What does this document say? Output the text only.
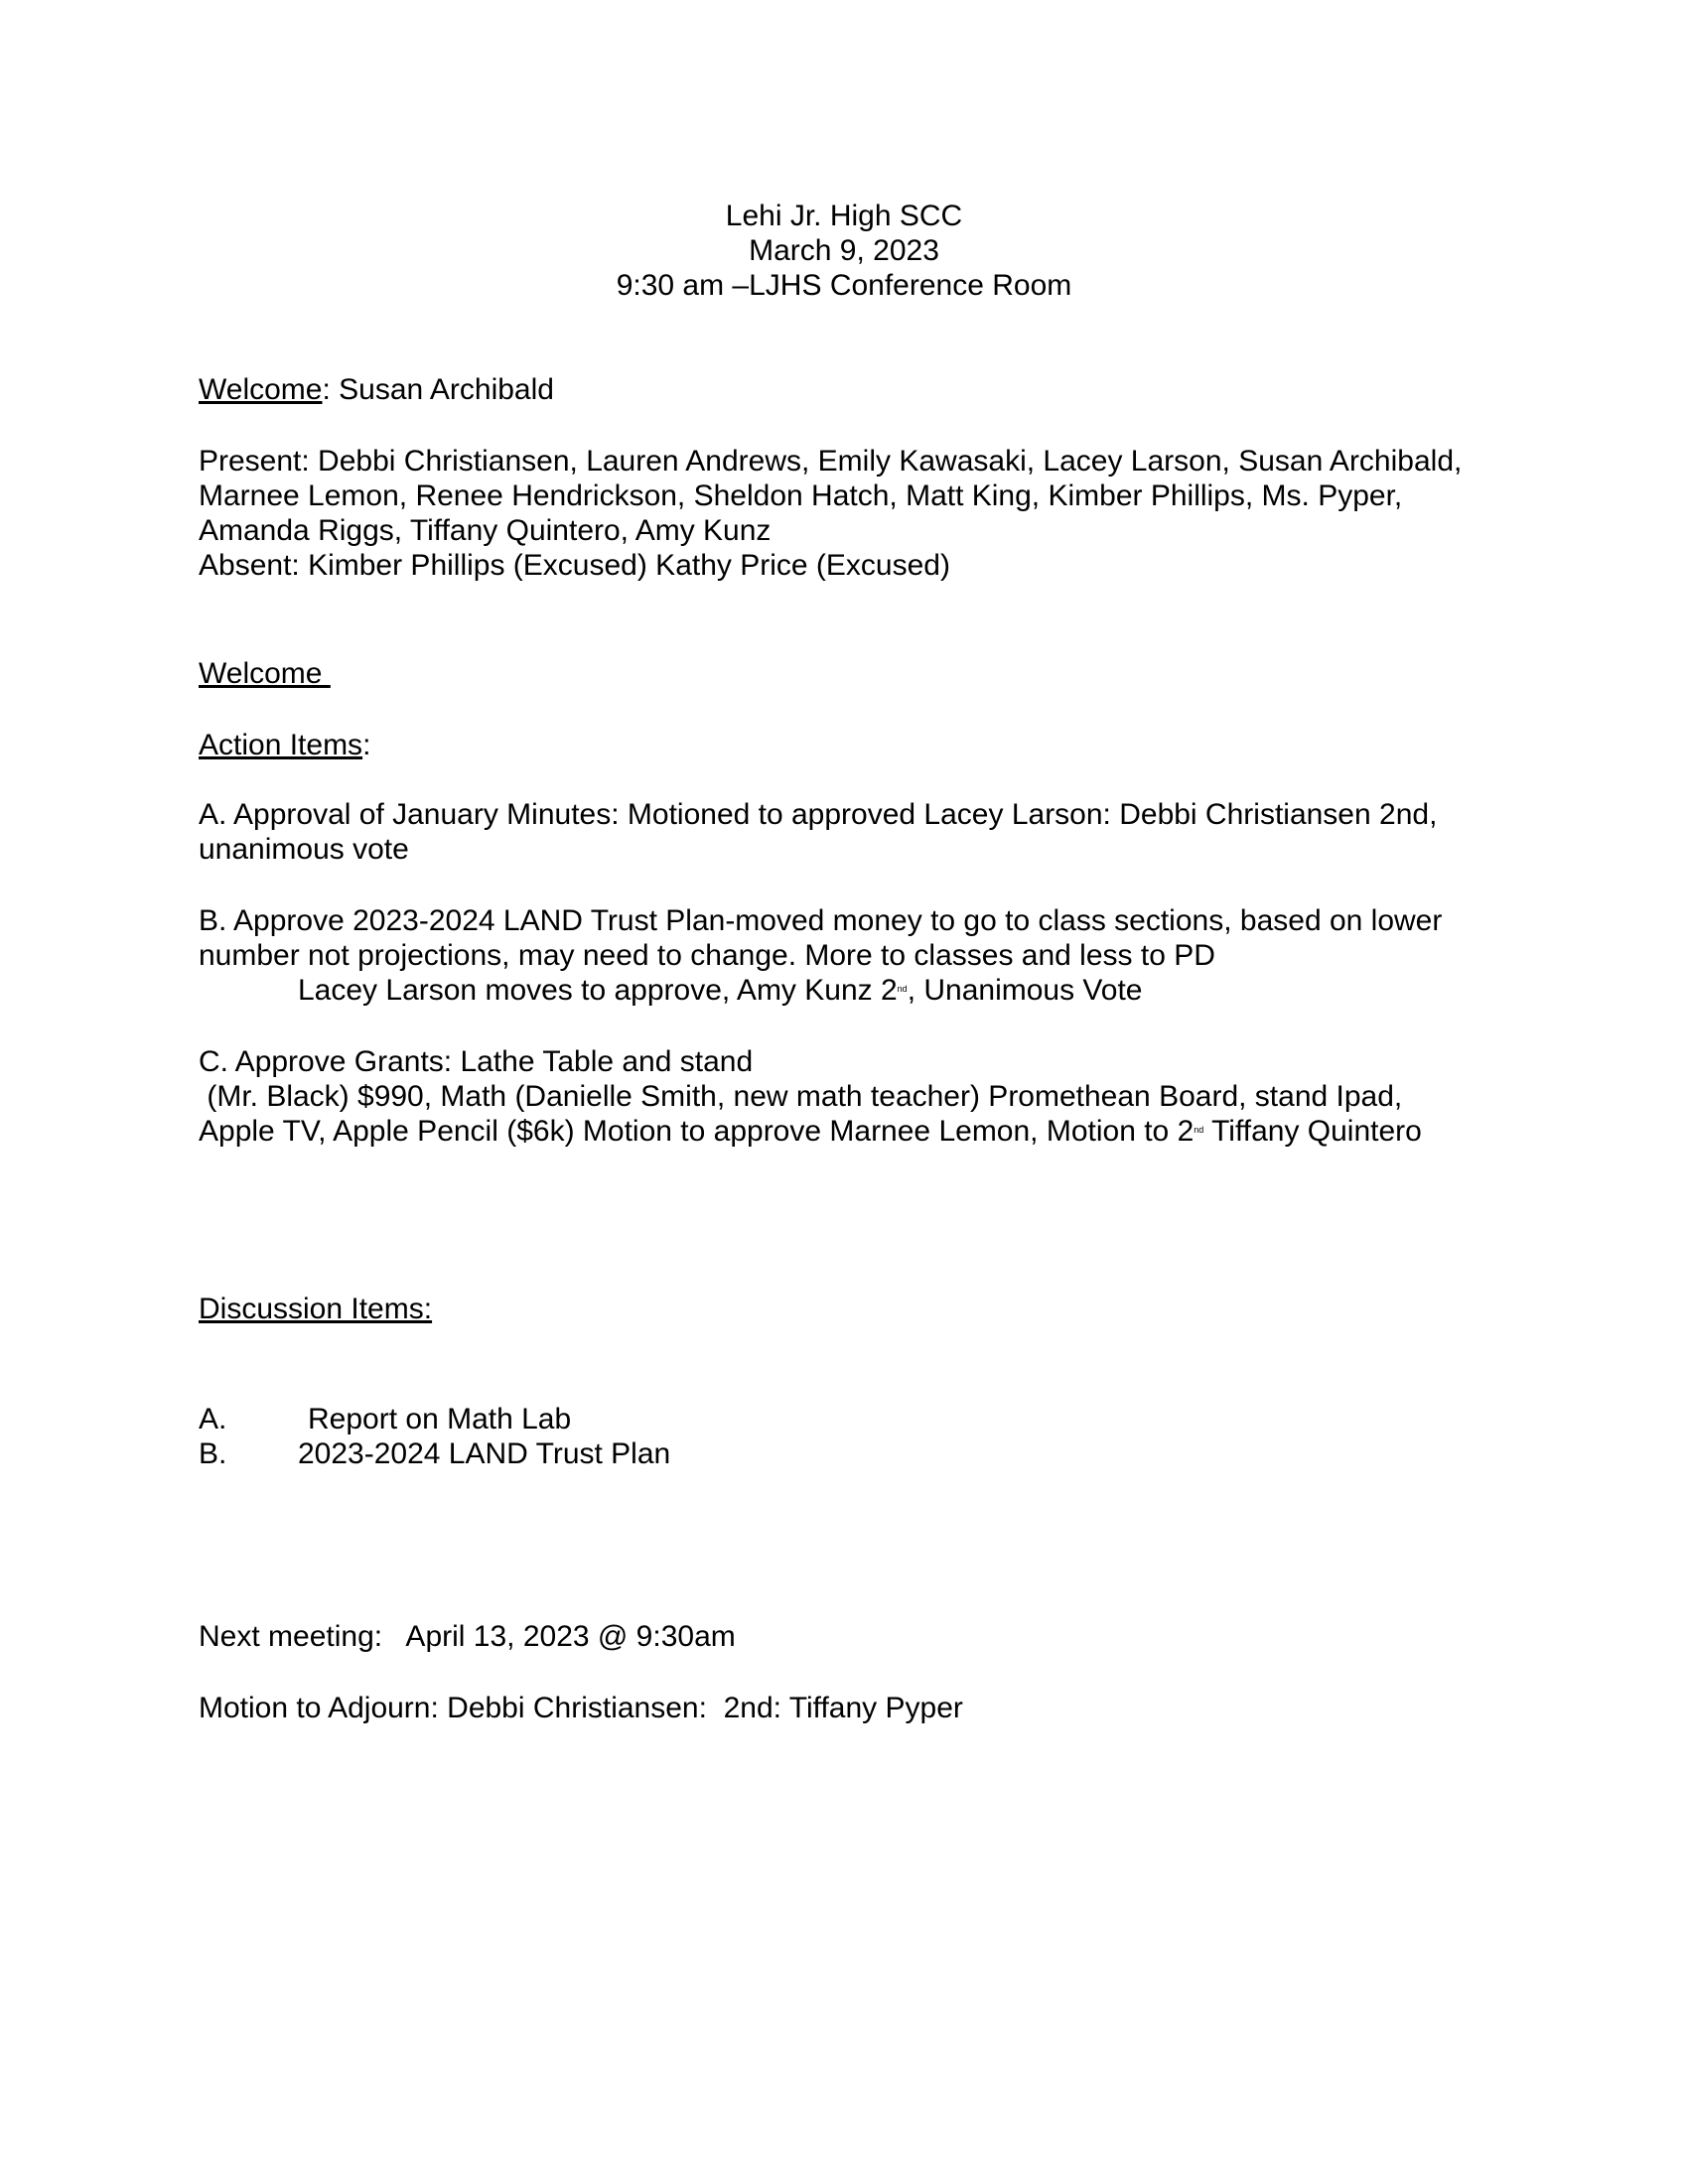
Lehi Jr. High SCC
March 9, 2023
9:30 am –LJHS Conference Room
Welcome: Susan Archibald
Present: Debbi Christiansen, Lauren Andrews, Emily Kawasaki, Lacey Larson, Susan Archibald,
Marnee Lemon, Renee Hendrickson, Sheldon Hatch, Matt King, Kimber Phillips, Ms. Pyper,
Amanda Riggs, Tiffany Quintero, Amy Kunz
Absent: Kimber Phillips (Excused) Kathy Price (Excused)
Welcome
Action Items:
A. Approval of January Minutes: Motioned to approved Lacey Larson: Debbi Christiansen 2nd,
unanimous vote
B. Approve 2023-2024 LAND Trust Plan-moved money to go to class sections, based on lower
number not projections, may need to change. More to classes and less to PD
Lacey Larson moves to approve, Amy Kunz 2nd, Unanimous Vote
C. Approve Grants: Lathe Table and stand
(Mr. Black) $990, Math (Danielle Smith, new math teacher) Promethean Board, stand Ipad,
Apple TV, Apple Pencil ($6k) Motion to approve Marnee Lemon, Motion to 2nd Tiffany Quintero
Discussion Items:
A.	Report on Math Lab
B. 2023-2024 LAND Trust Plan
Next meeting:   April 13, 2023 @ 9:30am
Motion to Adjourn: Debbi Christiansen:  2nd: Tiffany Pyper
